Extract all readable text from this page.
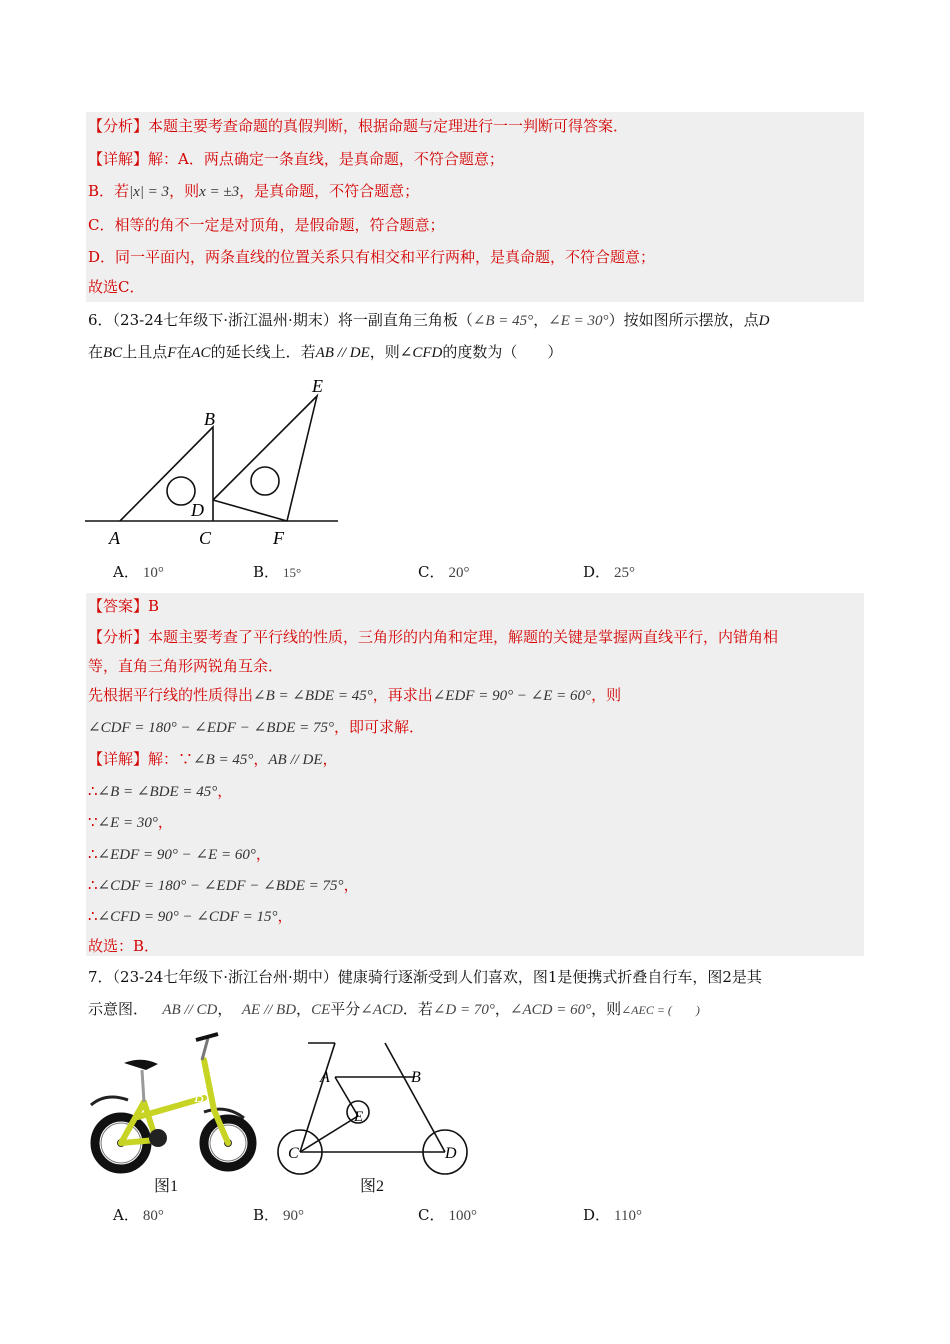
【分析】本题主要考查命题的真假判断，根据命题与定理进行一一判断可得答案．
【详解】解：A．两点确定一条直线，是真命题，不符合题意；
B．若|x| = 3，则x = ±3，是真命题，不符合题意；
C．相等的角不一定是对顶角，是假命题，符合题意；
D．同一平面内，两条直线的位置关系只有相交和平行两种，是真命题，不符合题意；
故选C．
6．（23-24七年级下·浙江温州·期末）将一副直角三角板（∠B = 45°，∠E = 30°）按如图所示摆放，点D
在BC上且点F在AC的延长线上．若AB // DE，则∠CFD的度数为（　　）
B
E
D
A	C	F
A． 10°	B． 15°	C． 20°	D． 25°
【答案】B
【分析】本题主要考查了平行线的性质，三角形的内角和定理，解题的关键是掌握两直线平行，内错角相
等，直角三角形两锐角互余．
先根据平行线的性质得出∠B = ∠BDE = 45°，再求出∠EDF = 90° − ∠E = 60°，则
∠CDF = 180° − ∠EDF − ∠BDE = 75°，即可求解．
【详解】解：∵∠B = 45°，AB // DE，
∴∠B = ∠BDE = 45°，
∵∠E = 30°，
∴∠EDF = 90° − ∠E = 60°，
∴∠CDF = 180° − ∠EDF − ∠BDE = 75°，
∴∠CFD = 90° − ∠CDF = 15°，
故选：B．
7．（23-24七年级下·浙江台州·期中）健康骑行逐渐受到人们喜欢，图1是便携式折叠自行车，图2是其
示意图． AB // CD， AE // BD，CE平分∠ACD．若∠D = 70°，∠ACD = 60°，则∠AEC = (　　)
A B
图1
A	B
E
C	D
图2
A． 80°	B． 90°	C． 100°	D． 110°
